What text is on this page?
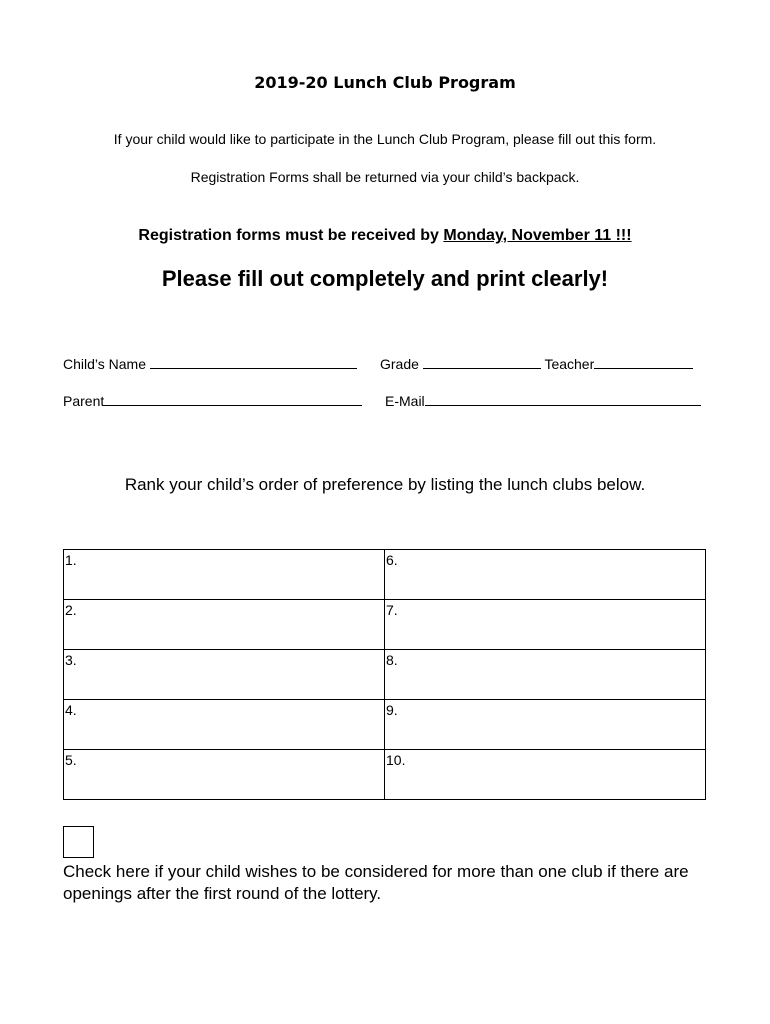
2019-20 Lunch Club Program
If your child would like to participate in the Lunch Club Program, please fill out this form.
Registration Forms shall be returned via your child’s backpack.
Registration forms must be received by Monday, November 11 !!!
Please fill out completely and print clearly!
Child’s Name	Grade	Teacher
Parent	E-Mail
Rank your child’s order of preference by listing the lunch clubs below.
1.	6.
2.	7.
3.	8.
4.	9.
5.	10.
Check here if your child wishes to be considered for more than one club if there are openings after the first round of the lottery.
